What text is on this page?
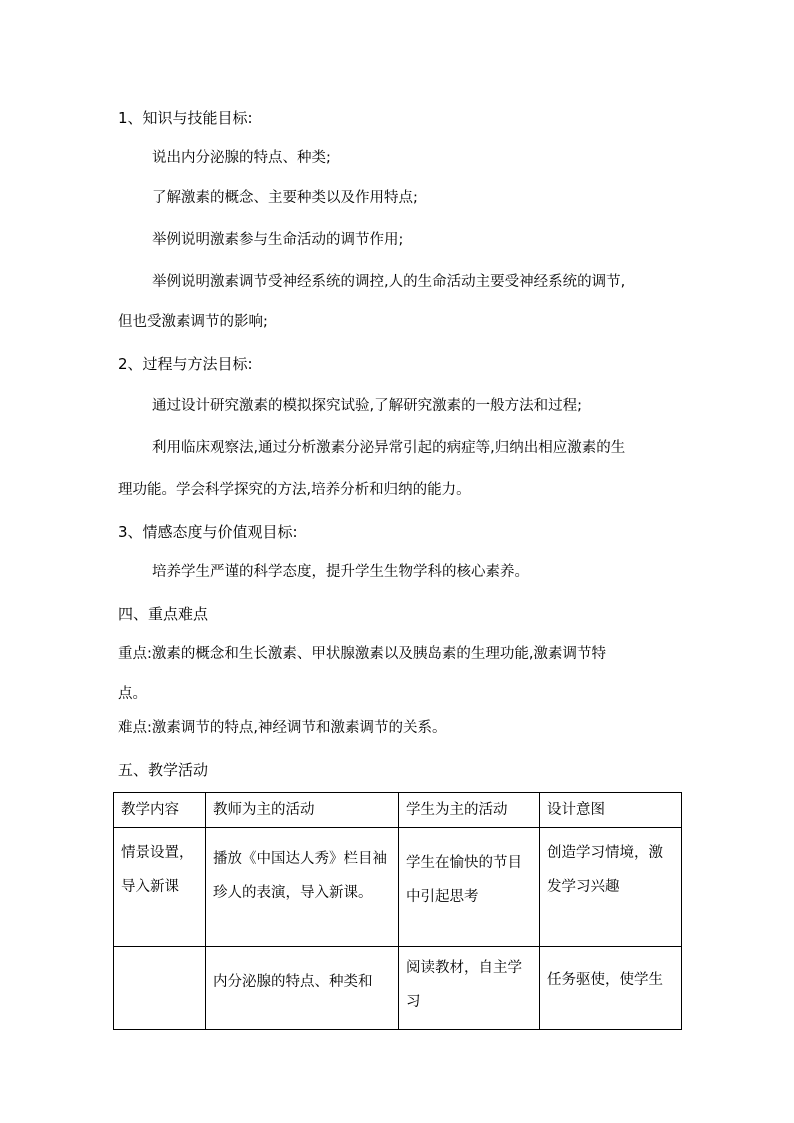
1、知识与技能目标:
说出内分泌腺的特点、种类;
了解激素的概念、主要种类以及作用特点;
举例说明激素参与生命活动的调节作用;
举例说明激素调节受神经系统的调控,人的生命活动主要受神经系统的调节,
但也受激素调节的影响;
2、过程与方法目标:
通过设计研究激素的模拟探究试验,了解研究激素的一般方法和过程;
利用临床观察法,通过分析激素分泌异常引起的病症等,归纳出相应激素的生
理功能。学会科学探究的方法,培养分析和归纳的能力。
3、情感态度与价值观目标:
培养学生严谨的科学态度，提升学生生物学科的核心素养。
四、重点难点
重点:激素的概念和生长激素、甲状腺激素以及胰岛素的生理功能,激素调节特
点。
难点:激素调节的特点,神经调节和激素调节的关系。
五、教学活动
教学内容	教师为主的活动	学生为主的活动	设计意图
情景设置，导入新课	播放《中国达人秀》栏目袖珍人的表演，导入新课。	学生在愉快的节目中引起思考	创造学习情境，激发学习兴趣
	内分泌腺的特点、种类和	阅读教材，自主学习	任务驱使，使学生
